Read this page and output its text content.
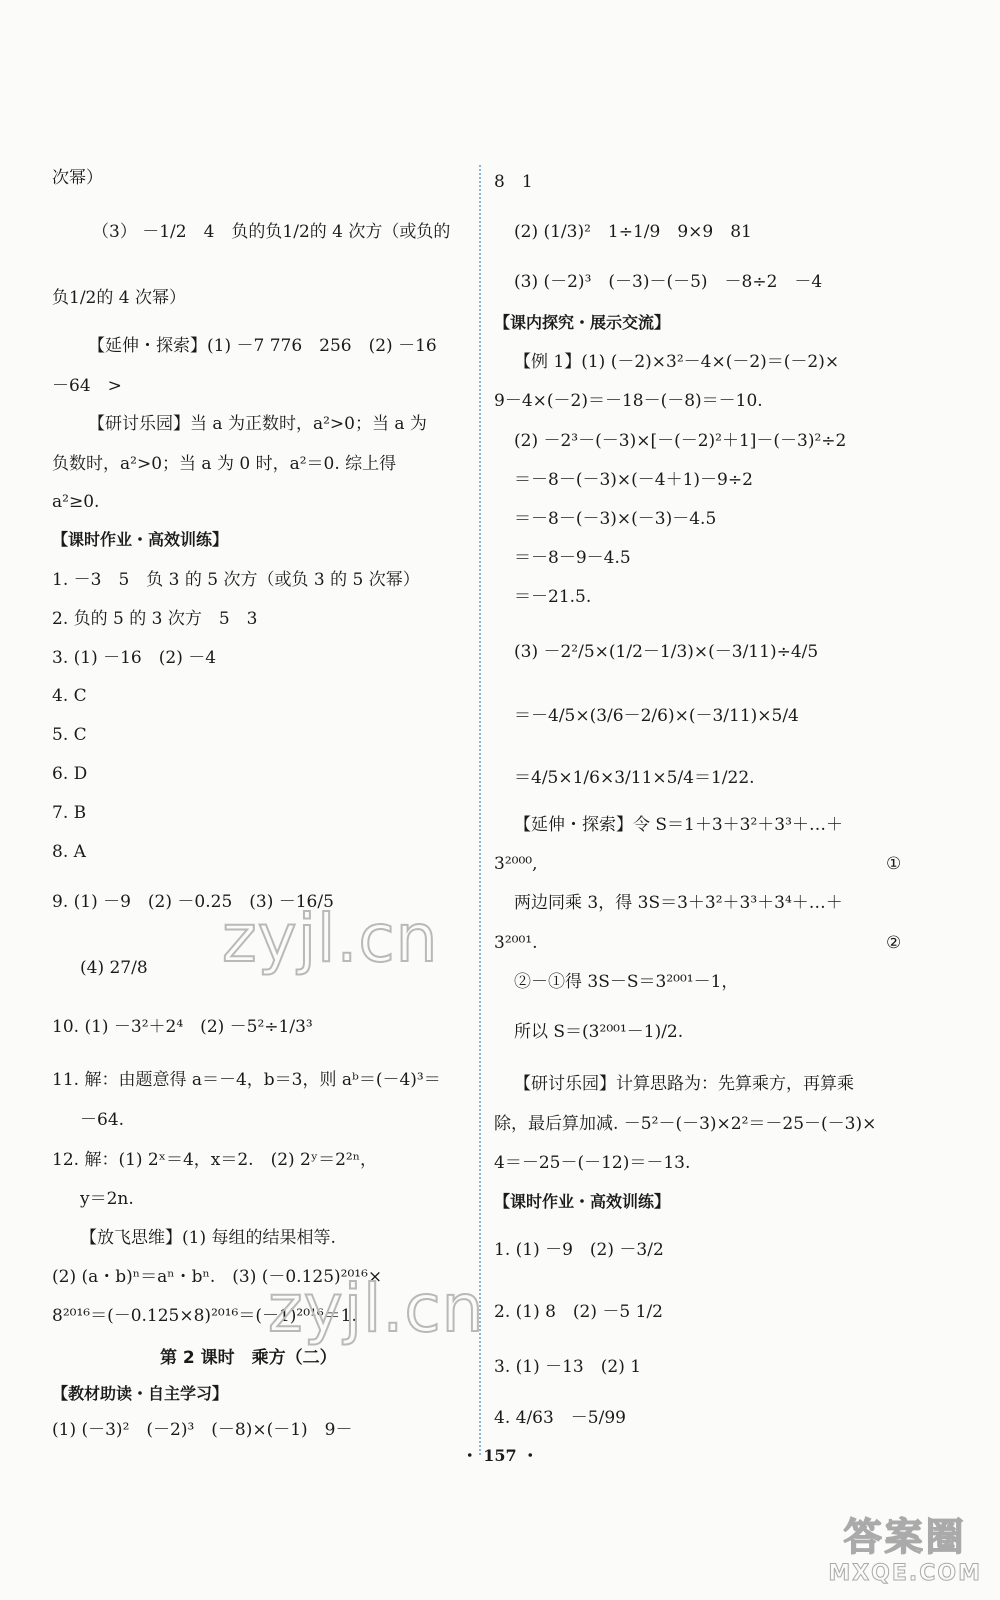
次幂）
（3） －1/2　4　负的负1/2的 4 次方（或负的
负1/2的 4 次幂）
【延伸・探索】(1) －7 776　256　(2) －16
－64　>
【研讨乐园】当 a 为正数时，a²>0；当 a 为
负数时，a²>0；当 a 为 0 时，a²＝0. 综上得
a²≥0.
【课时作业・高效训练】
1. －3　5　负 3 的 5 次方（或负 3 的 5 次幂）
2. 负的 5 的 3 次方　5　3
3. (1) －16　(2) －4
4. C
5. C
6. D
7. B
8. A
9. (1) －9　(2) －0.25　(3) －16/5
(4) 27/8
10. (1) －3²＋2⁴　(2) －5²÷1/3³
11. 解：由题意得 a＝－4，b＝3，则 aᵇ＝(－4)³＝
－64.
12. 解：(1) 2ˣ＝4，x＝2.　(2) 2ʸ＝2²ⁿ，
y＝2n.
【放飞思维】(1) 每组的结果相等.
(2) (a・b)ⁿ＝aⁿ・bⁿ.　(3) (－0.125)²⁰¹⁶×
8²⁰¹⁶＝(－0.125×8)²⁰¹⁶＝(－1)²⁰¹⁶＝1.
第 2 课时　乘方（二）
【教材助读・自主学习】
(1) (－3)²　(－2)³　(－8)×(－1)　9－
8　1
(2) (1/3)²　1÷1/9　9×9　81
(3) (－2)³　(－3)－(－5)　－8÷2　－4
【课内探究・展示交流】
【例 1】(1) (－2)×3²－4×(－2)＝(－2)×
9－4×(－2)＝－18－(－8)＝－10.
(2) －2³－(－3)×[－(－2)²＋1]－(－3)²÷2
＝－8－(－3)×(－4＋1)－9÷2
＝－8－(－3)×(－3)－4.5
＝－8－9－4.5
＝－21.5.
(3) －2²/5×(1/2－1/3)×(－3/11)÷4/5
＝－4/5×(3/6－2/6)×(－3/11)×5/4
＝4/5×1/6×3/11×5/4＝1/22.
【延伸・探索】令 S＝1＋3＋3²＋3³＋…＋
3²⁰⁰⁰,	①
两边同乘 3，得 3S＝3＋3²＋3³＋3⁴＋…＋
3²⁰⁰¹.	②
②－①得 3S－S＝3²⁰⁰¹－1，
所以 S＝(3²⁰⁰¹－1)/2.
【研讨乐园】计算思路为：先算乘方，再算乘
除，最后算加减. －5²－(－3)×2²＝－25－(－3)×
4＝－25－(－12)＝－13.
【课时作业・高效训练】
1. (1) －9　(2) －3/2
2. (1) 8　(2) －5 1/2
3. (1) －13　(2) 1
4. 4/63　－5/99
・ 157 ・
zyjl.cn
zyjl.cn
答案圈
MXQE.COM
